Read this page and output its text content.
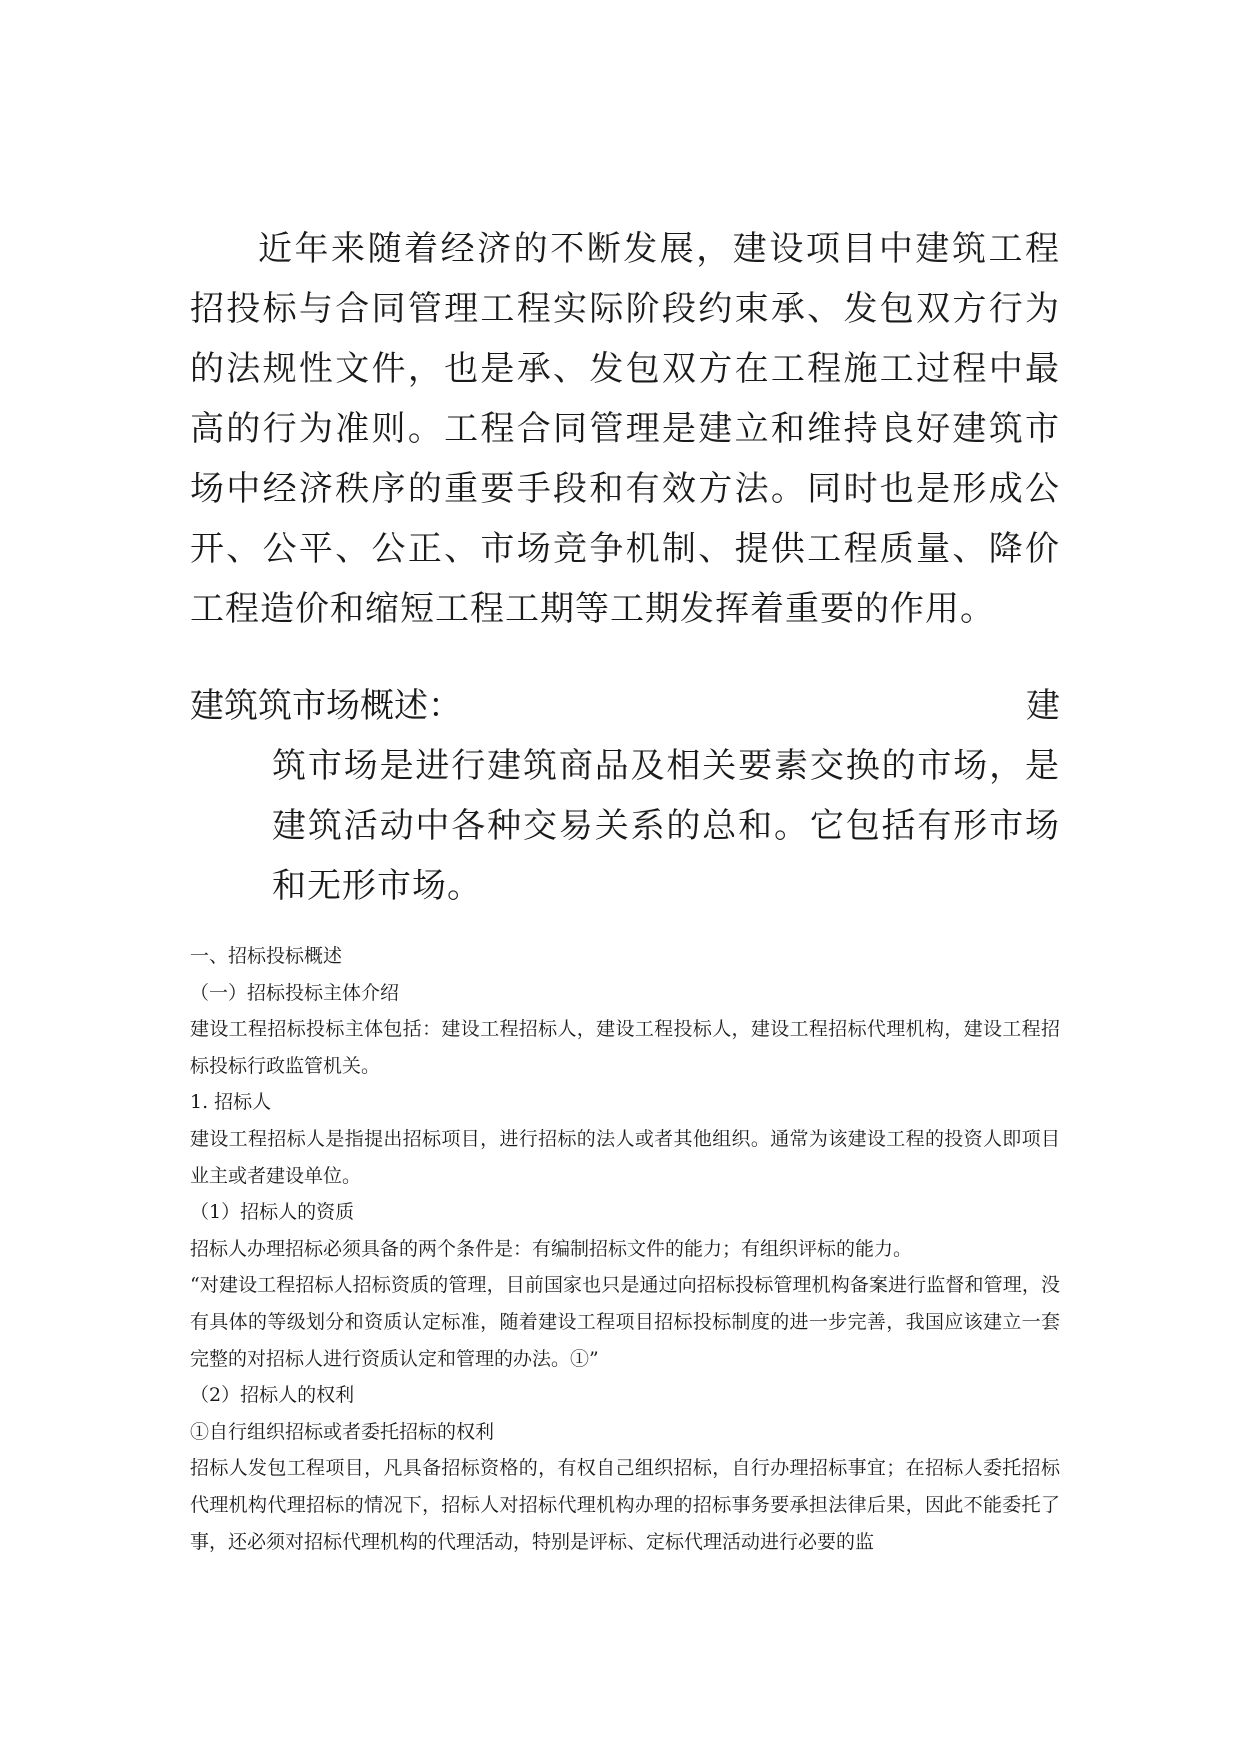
近年来随着经济的不断发展，建设项目中建筑工程招投标与合同管理工程实际阶段约束承、发包双方行为的法规性文件，也是承、发包双方在工程施工过程中最高的行为准则。工程合同管理是建立和维持良好建筑市场中经济秩序的重要手段和有效方法。同时也是形成公开、公平、公正、市场竞争机制、提供工程质量、降价工程造价和缩短工程工期等工期发挥着重要的作用。

建筑筑市场概述：	建
筑市场是进行建筑商品及相关要素交换的市场，是建筑活动中各种交易关系的总和。它包括有形市场和无形市场。

一、招标投标概述

（一）招标投标主体介绍

建设工程招标投标主体包括：建设工程招标人，建设工程投标人，建设工程招标代理机构，建设工程招标投标行政监管机关。

1. 招标人

建设工程招标人是指提出招标项目，进行招标的法人或者其他组织。通常为该建设工程的投资人即项目业主或者建设单位。

（1）招标人的资质

招标人办理招标必须具备的两个条件是：有编制招标文件的能力；有组织评标的能力。

“对建设工程招标人招标资质的管理，目前国家也只是通过向招标投标管理机构备案进行监督和管理，没有具体的等级划分和资质认定标准，随着建设工程项目招标投标制度的进一步完善，我国应该建立一套完整的对招标人进行资质认定和管理的办法。①”

（2）招标人的权利

①自行组织招标或者委托招标的权利

招标人发包工程项目，凡具备招标资格的，有权自己组织招标，自行办理招标事宜；在招标人委托招标代理机构代理招标的情况下，招标人对招标代理机构办理的招标事务要承担法律后果，因此不能委托了事，还必须对招标代理机构的代理活动，特别是评标、定标代理活动进行必要的监
